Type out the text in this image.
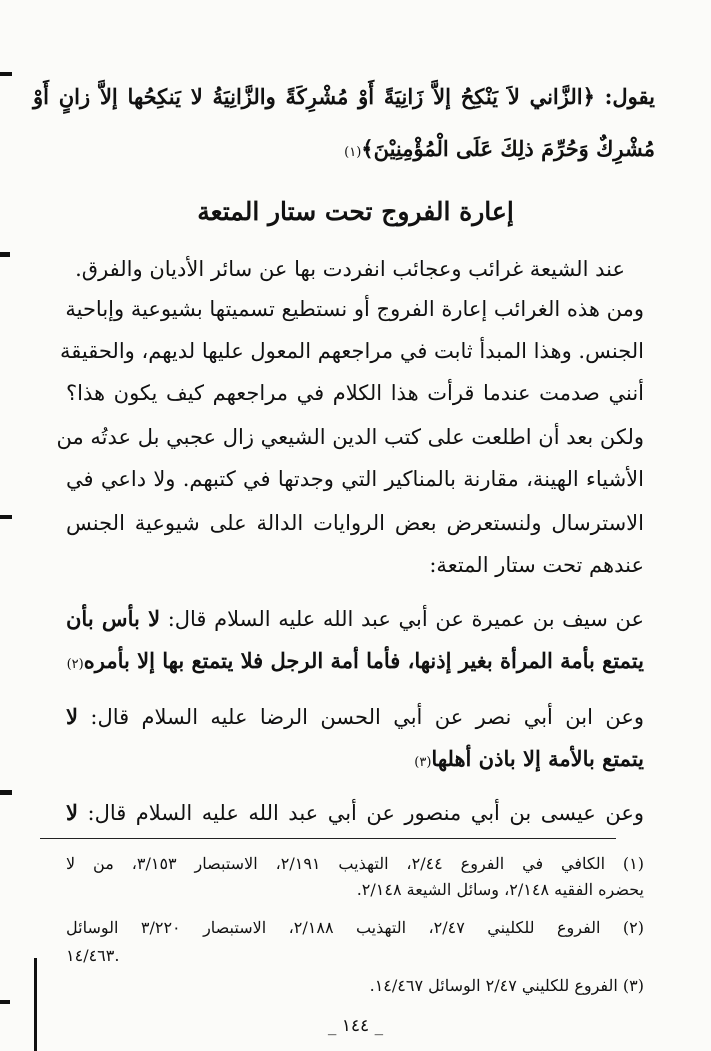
يقول: ﴿الزَّاني لاَ يَنْكِحُ إلاَّ زَانِيَةً أَوْ مُشْرِكَةً والزَّانِيَةُ لا يَنكِحُها إلاَّ زانٍ أَوْ
مُشْرِكٌ وَحُرِّمَ ذلِكَ عَلَى الْمُؤْمِنِيْنَ﴾(١)
إعارة الفروج تحت ستار المتعة
عند الشيعة غرائب وعجائب انفردت بها عن سائر الأديان والفرق.
ومن هذه الغرائب إعارة الفروج أو نستطيع تسميتها بشيوعية وإباحية
الجنس. وهذا المبدأ ثابت في مراجعهم المعول عليها لديهم، والحقيقة
أنني صدمت عندما قرأت هذا الكلام في مراجعهم كيف يكون هذا؟
ولكن بعد أن اطلعت على كتب الدين الشيعي زال عجبي بل عدتُه من
الأشياء الهينة، مقارنة بالمناكير التي وجدتها في كتبهم. ولا داعي في
الاسترسال ولنستعرض بعض الروايات الدالة على شيوعية الجنس
عندهم تحت ستار المتعة:
عن سيف بن عميرة عن أبي عبد الله عليه السلام قال: لا بأس بأن
يتمتع بأمة المرأة بغير إذنها، فأما أمة الرجل فلا يتمتع بها إلا بأمره(٢)
وعن ابن أبي نصر عن أبي الحسن الرضا عليه السلام قال: لا
يتمتع بالأمة إلا باذن أهلها(٣)
وعن عيسى بن أبي منصور عن أبي عبد الله عليه السلام قال: لا
(١) الكافي في الفروع ٢/٤٤، التهذيب ٢/١٩١، الاستبصار ٣/١٥٣، من لا
يحضره الفقيه ٢/١٤٨، وسائل الشيعة ٢/١٤٨.
(٢) الفروع للكليني ٢/٤٧، التهذيب ٢/١٨٨، الاستبصار ٣/٢٢٠ الوسائل
١٤/٤٦٣.
(٣) الفروع للكليني ٢/٤٧ الوسائل ١٤/٤٦٧.
_ ١٤٤ _
